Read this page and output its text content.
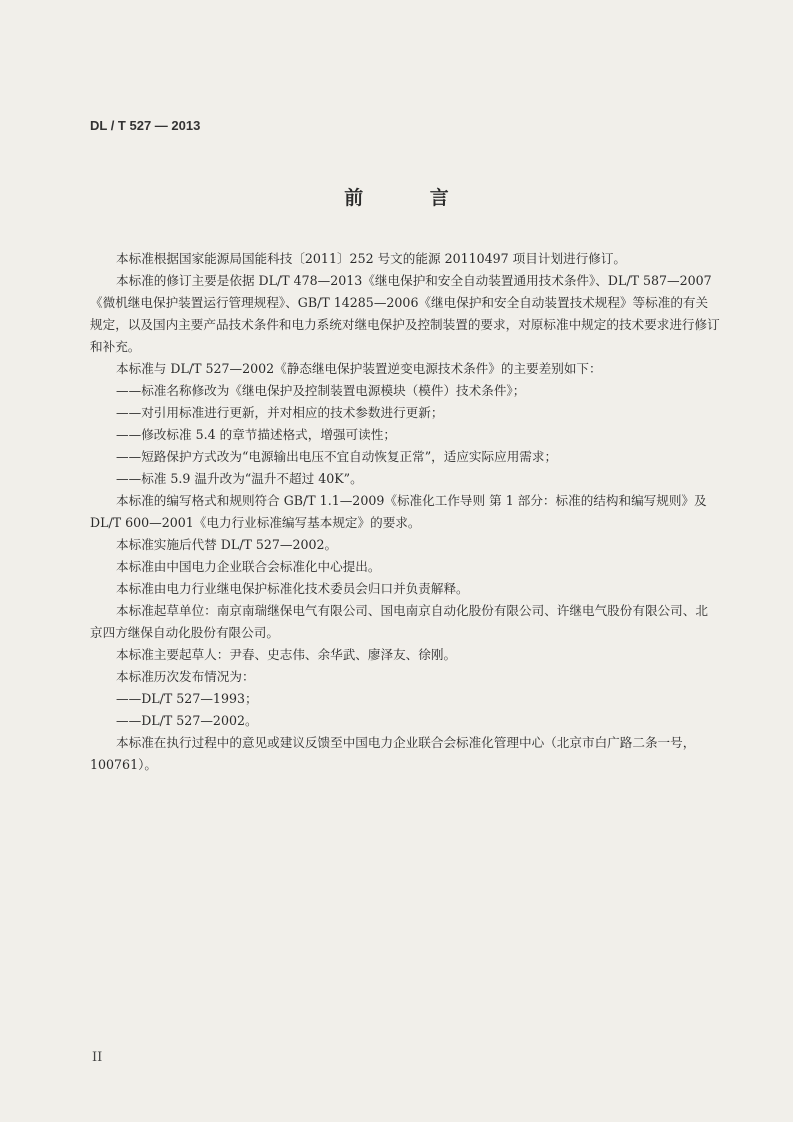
DL / T 527 — 2013
前 言

本标准根据国家能源局国能科技〔2011〕252 号文的能源 20110497 项目计划进行修订。

本标准的修订主要是依据 DL/T 478—2013《继电保护和安全自动装置通用技术条件》、DL/T 587—2007《微机继电保护装置运行管理规程》、GB/T 14285—2006《继电保护和安全自动装置技术规程》等标准的有关规定，以及国内主要产品技术条件和电力系统对继电保护及控制装置的要求，对原标准中规定的技术要求进行修订和补充。

本标准与 DL/T 527—2002《静态继电保护装置逆变电源技术条件》的主要差别如下：

——标准名称修改为《继电保护及控制装置电源模块（模件）技术条件》；

——对引用标准进行更新，并对相应的技术参数进行更新；

——修改标准 5.4 的章节描述格式，增强可读性；

——短路保护方式改为“电源输出电压不宜自动恢复正常”，适应实际应用需求；

——标准 5.9 温升改为“温升不超过 40K”。

本标准的编写格式和规则符合 GB/T 1.1—2009《标准化工作导则 第 1 部分：标准的结构和编写规则》及 DL/T 600—2001《电力行业标准编写基本规定》的要求。

本标准实施后代替 DL/T 527—2002。

本标准由中国电力企业联合会标准化中心提出。

本标准由电力行业继电保护标准化技术委员会归口并负责解释。

本标准起草单位：南京南瑞继保电气有限公司、国电南京自动化股份有限公司、许继电气股份有限公司、北京四方继保自动化股份有限公司。

本标准主要起草人：尹春、史志伟、余华武、廖泽友、徐刚。

本标准历次发布情况为：

——DL/T 527—1993；

——DL/T 527—2002。

本标准在执行过程中的意见或建议反馈至中国电力企业联合会标准化管理中心（北京市白广路二条一号，100761）。

II
